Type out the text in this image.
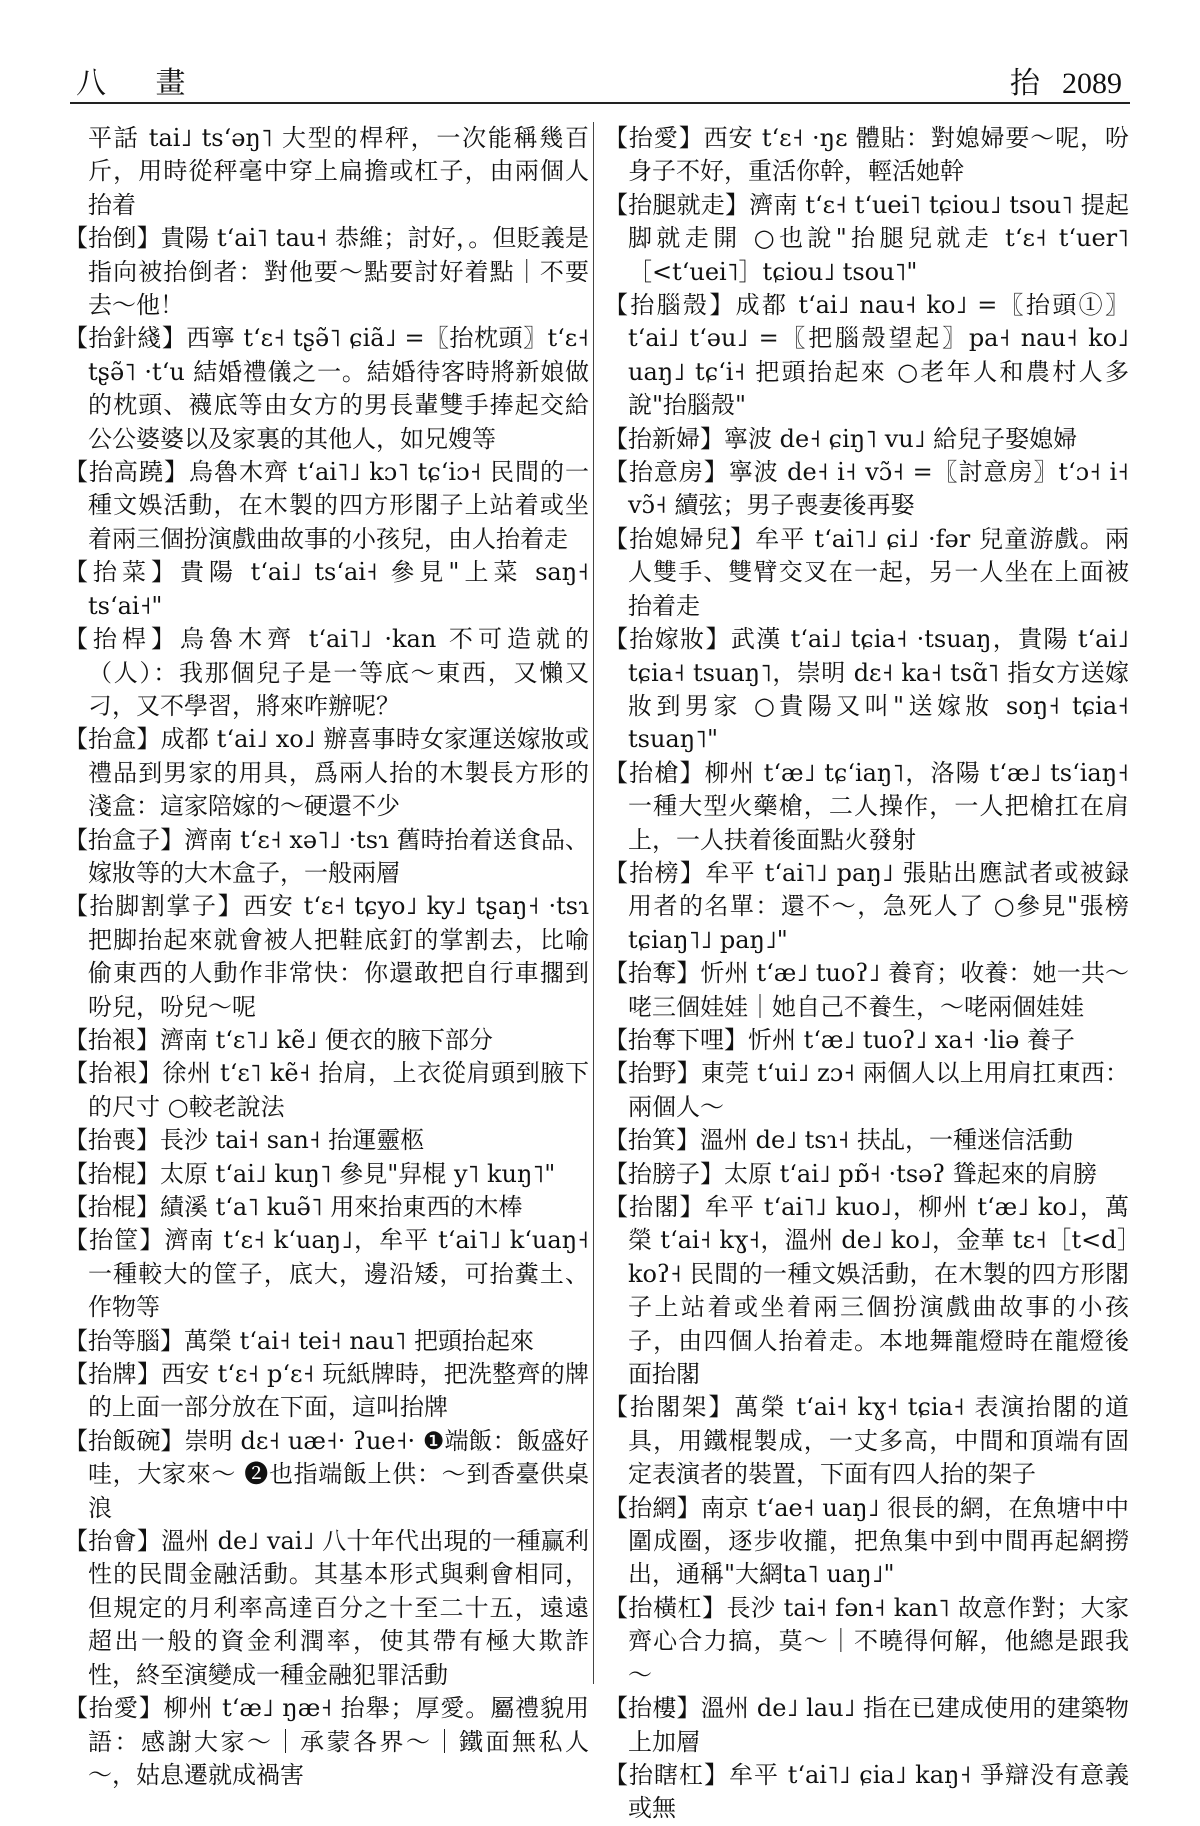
八 畫	抬 2089
平話 tai˩ tsʻəŋ˥ 大型的桿秤，一次能稱幾百斤，用時從秤毫中穿上扁擔或杠子，由兩個人抬着
【抬倒】貴陽 tʻai˥ tau˧ 恭維；討好，。但貶義是指向被抬倒者：對他要～點要討好着點｜不要去～他！
【抬針綫】西寧 tʻɛ˧ tʂə̃˥ ɕiã˩ =〖抬枕頭〗tʻɛ˧ tʂə̃˥ ·tʻu 結婚禮儀之一。結婚待客時將新娘做的枕頭、襪底等由女方的男長輩雙手捧起交給公公婆婆以及家裏的其他人，如兄嫂等
【抬高蹺】烏魯木齊 tʻai˥˩ kɔ˥ tɕʻiɔ˧ 民間的一種文娛活動，在木製的四方形閣子上站着或坐着兩三個扮演戲曲故事的小孩兒，由人抬着走
【抬菜】貴陽 tʻai˩ tsʻai˧ 參見"上菜 saŋ˧ tsʻai˧"
【抬桿】烏魯木齊 tʻai˥˩ ·kan 不可造就的（人）：我那個兒子是一等底～東西，又懶又刁，又不學習，將來咋辦呢？
【抬盒】成都 tʻai˩ xo˩ 辦喜事時女家運送嫁妝或禮品到男家的用具，爲兩人抬的木製長方形的淺盒：這家陪嫁的～硬還不少
【抬盒子】濟南 tʻɛ˧ xə˥˩ ·tsɿ 舊時抬着送食品、嫁妝等的大木盒子，一般兩層
【抬脚割掌子】西安 tʻɛ˧ tɕyo˩ ky˩ tʂaŋ˧ ·tsɿ 把脚抬起來就會被人把鞋底釘的掌割去，比喻偷東西的人動作非常快：你還敢把自行車擱到吩兒，吩兒～呢
【抬裉】濟南 tʻɛ˥˩ kẽ˩ 便衣的腋下部分
【抬裉】徐州 tʻɛ˥ kẽ˧ 抬肩，上衣從肩頭到腋下的尺寸 ○較老說法
【抬喪】長沙 tai˧ san˧ 抬運靈柩
【抬棍】太原 tʻai˩ kuŋ˥ 參見"舁棍 y˥ kuŋ˥"
【抬棍】績溪 tʻa˥ kuə̃˥ 用來抬東西的木棒
【抬筐】濟南 tʻɛ˧ kʻuaŋ˩，牟平 tʻai˥˩ kʻuaŋ˧ 一種較大的筐子，底大，邊沿矮，可抬糞土、作物等
【抬等腦】萬榮 tʻai˧ tei˧ nau˥ 把頭抬起來
【抬牌】西安 tʻɛ˧ pʻɛ˧ 玩紙牌時，把洗整齊的牌的上面一部分放在下面，這叫抬牌
【抬飯碗】崇明 dɛ˧ uæ˧· ʔue˧· ❶端飯：飯盛好哇，大家來～ ❷也指端飯上供：～到香臺供桌浪
【抬會】溫州 de˩ vai˩ 八十年代出現的一種赢利性的民間金融活動。其基本形式與剩會相同，但規定的月利率高達百分之十至二十五，遠遠超出一般的資金利潤率，使其帶有極大欺詐性，終至演變成一種金融犯罪活動
【抬愛】柳州 tʻæ˩ ŋæ˧ 抬舉；厚愛。屬禮貌用語：感謝大家～｜承蒙各界～｜鐵面無私人～，姑息遷就成禍害
【抬愛】西安 tʻɛ˧ ·ŋɛ 體貼：對媳婦要～呢，吩身子不好，重活你幹，輕活她幹
【抬腿就走】濟南 tʻɛ˧ tʻuei˥ tɕiou˩ tsou˥ 提起脚就走開 ○也說"抬腿兒就走 tʻɛ˧ tʻuer˥［<tʻuei˥］tɕiou˩ tsou˥"
【抬腦殼】成都 tʻai˩ nau˧ ko˩ =〖抬頭①〗tʻai˩ tʻəu˩ =〖把腦殼望起〗pa˧ nau˧ ko˩ uaŋ˩ tɕʻi˧ 把頭抬起來 ○老年人和農村人多說"抬腦殼"
【抬新婦】寧波 de˧ ɕiŋ˥ vu˩ 給兒子娶媳婦
【抬意房】寧波 de˧ i˧ vɔ̃˧ =〖討意房〗tʻɔ˧ i˧ vɔ̃˧ 續弦；男子喪妻後再娶
【抬媳婦兒】牟平 tʻai˥˩ ɕi˩ ·fər 兒童游戲。兩人雙手、雙臂交叉在一起，另一人坐在上面被抬着走
【抬嫁妝】武漢 tʻai˩ tɕia˧ ·tsuaŋ，貴陽 tʻai˩ tɕia˧ tsuaŋ˥，崇明 dɛ˧ ka˧ tsɑ̃˥ 指女方送嫁妝到男家 ○貴陽又叫"送嫁妝 soŋ˧ tɕia˧ tsuaŋ˥"
【抬槍】柳州 tʻæ˩ tɕʻiaŋ˥，洛陽 tʻæ˩ tsʻiaŋ˧ 一種大型火藥槍，二人操作，一人把槍扛在肩上，一人扶着後面點火發射
【抬榜】牟平 tʻai˥˩ paŋ˩ 張貼出應試者或被録用者的名單：還不～，急死人了 ○參見"張榜 tɕiaŋ˥˩ paŋ˩"
【抬奪】忻州 tʻæ˩ tuoʔ˩ 養育；收養：她一共～咾三個娃娃｜她自己不養生，～咾兩個娃娃
【抬奪下哩】忻州 tʻæ˩ tuoʔ˩ xa˧ ·liə 養子
【抬野】東莞 tʻui˩ zɔ˧ 兩個人以上用肩扛東西：兩個人～
【抬箕】溫州 de˩ tsɿ˧ 扶乩，一種迷信活動
【抬膀子】太原 tʻai˩ pɒ̃˧ ·tsəʔ 聳起來的肩膀
【抬閣】牟平 tʻai˥˩ kuo˩，柳州 tʻæ˩ ko˩，萬榮 tʻai˧ kɣ˧，溫州 de˩ ko˩，金華 tɛ˧［t<d］koʔ˧ 民間的一種文娛活動，在木製的四方形閣子上站着或坐着兩三個扮演戲曲故事的小孩子，由四個人抬着走。本地舞龍燈時在龍燈後面抬閣
【抬閣架】萬榮 tʻai˧ kɣ˧ tɕia˧ 表演抬閣的道具，用鐵棍製成，一丈多高，中間和頂端有固定表演者的裝置，下面有四人抬的架子
【抬網】南京 tʻae˧ uaŋ˩ 很長的網，在魚塘中中圍成圈，逐步收攏，把魚集中到中間再起網撈出，通稱"大網ta˥ uaŋ˩"
【抬橫杠】長沙 tai˧ fən˧ kan˥ 故意作對；大家齊心合力搞，莫～｜不曉得何解，他總是跟我～
【抬樓】溫州 de˩ lau˩ 指在已建成使用的建築物上加層
【抬瞎杠】牟平 tʻai˥˩ ɕia˩ kaŋ˧ 爭辯没有意義或無
